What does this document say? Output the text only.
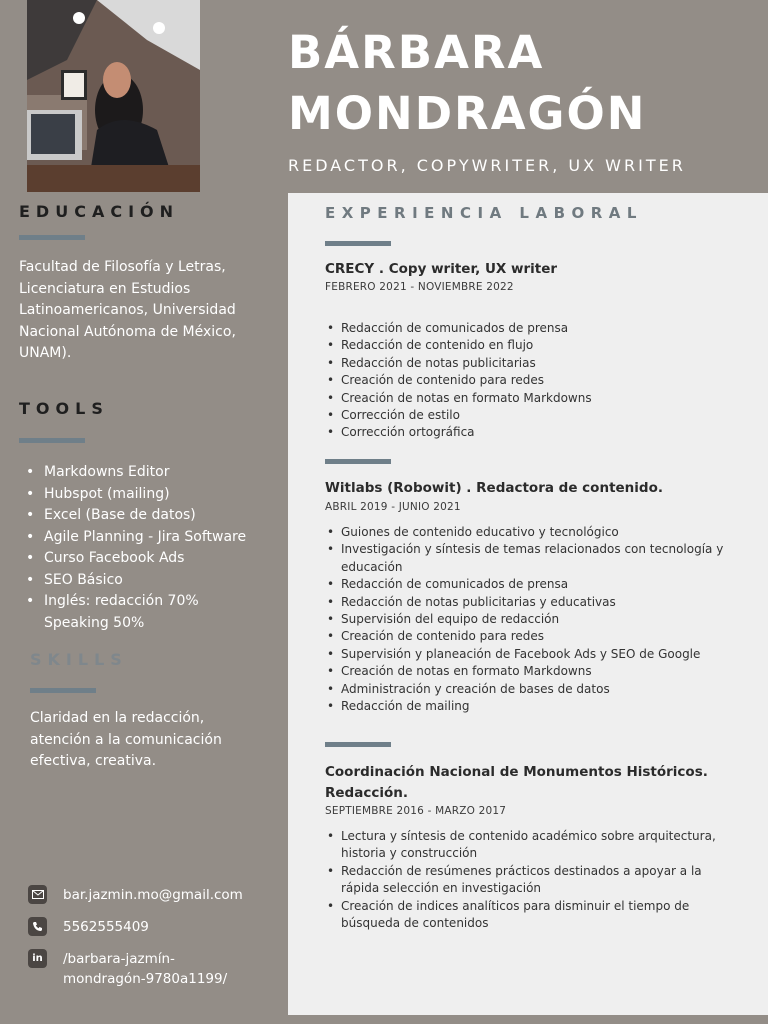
BÁRBARA
MONDRAGÓN
REDACTOR, COPYWRITER, UX WRITER
EDUCACIÓN
Facultad de Filosofía y Letras, Licenciatura en Estudios Latinoamericanos, Universidad Nacional Autónoma de México, UNAM).
TOOLS
• Markdowns Editor
• Hubspot (mailing)
• Excel (Base de datos)
• Agile Planning - Jira Software
• Curso Facebook Ads
• SEO Básico
• Inglés: redacción 70%
Speaking 50%
SKILLS
Claridad en la redacción, atención a la comunicación efectiva, creativa.
bar.jazmin.mo@gmail.com
5562555409
in	/barbara-jazmín-mondragón-9780a1199/
EXPERIENCIA LABORAL
CRECY . Copy writer, UX writer
FEBRERO 2021 - NOVIEMBRE 2022
• Redacción de comunicados de prensa
• Redacción de contenido en flujo
• Redacción de notas publicitarias
• Creación de contenido para redes
• Creación de notas en formato Markdowns
• Corrección de estilo
• Corrección ortográfica
Witlabs (Robowit) . Redactora de contenido.
ABRIL 2019 - JUNIO 2021
• Guiones de contenido educativo y tecnológico
• Investigación y síntesis de temas relacionados con tecnología y educación
• Redacción de comunicados de prensa
• Redacción de notas publicitarias y educativas
• Supervisión del equipo de redacción
• Creación de contenido para redes
• Supervisión y planeación de Facebook Ads y SEO de Google
• Creación de notas en formato Markdowns
• Administración y creación de bases de datos
• Redacción de mailing
Coordinación Nacional de Monumentos Históricos. Redacción.
SEPTIEMBRE 2016 - MARZO 2017
• Lectura y síntesis de contenido académico sobre arquitectura, historia y construcción
• Redacción de resúmenes prácticos destinados a apoyar a la rápida selección en investigación
• Creación de indices analíticos para disminuir el tiempo de búsqueda de contenidos
